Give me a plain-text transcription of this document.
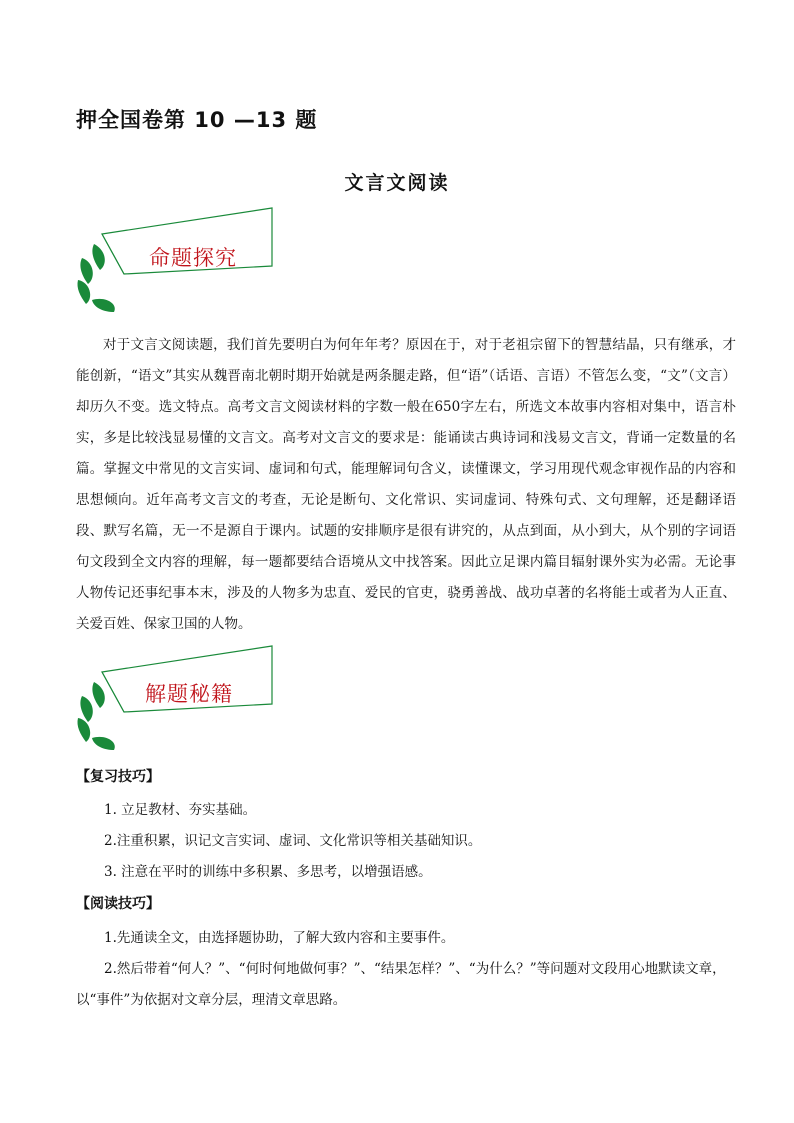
押全国卷第 10 —13 题
文言文阅读
命题探究
对于文言文阅读题，我们首先要明白为何年年考？原因在于，对于老祖宗留下的智慧结晶，只有继承，才能创新，“语文”其实从魏晋南北朝时期开始就是两条腿走路，但“语”（话语、言语）不管怎么变，“文”（文言）却历久不变。选文特点。高考文言文阅读材料的字数一般在650字左右，所选文本故事内容相对集中，语言朴实，多是比较浅显易懂的文言文。高考对文言文的要求是：能诵读古典诗词和浅易文言文，背诵一定数量的名篇。掌握文中常见的文言实词、虚词和句式，能理解词句含义，读懂课文，学习用现代观念审视作品的内容和思想倾向。近年高考文言文的考查，无论是断句、文化常识、实词虚词、特殊句式、文句理解，还是翻译语段、默写名篇，无一不是源自于课内。试题的安排顺序是很有讲究的，从点到面，从小到大，从个别的字词语句文段到全文内容的理解，每一题都要结合语境从文中找答案。因此立足课内篇目辐射课外实为必需。无论事人物传记还事纪事本末，涉及的人物多为忠直、爱民的官吏，骁勇善战、战功卓著的名将能士或者为人正直、关爱百姓、保家卫国的人物。
解题秘籍
【复习技巧】
1. 立足教材、夯实基础。
2.注重积累，识记文言实词、虚词、文化常识等相关基础知识。
3. 注意在平时的训练中多积累、多思考，以增强语感。
【阅读技巧】
1.先通读全文，由选择题协助，了解大致内容和主要事件。
2.然后带着“何人？”、“何时何地做何事？”、“结果怎样？”、“为什么？”等问题对文段用心地默读文章，以“事件”为依据对文章分层，理清文章思路。
